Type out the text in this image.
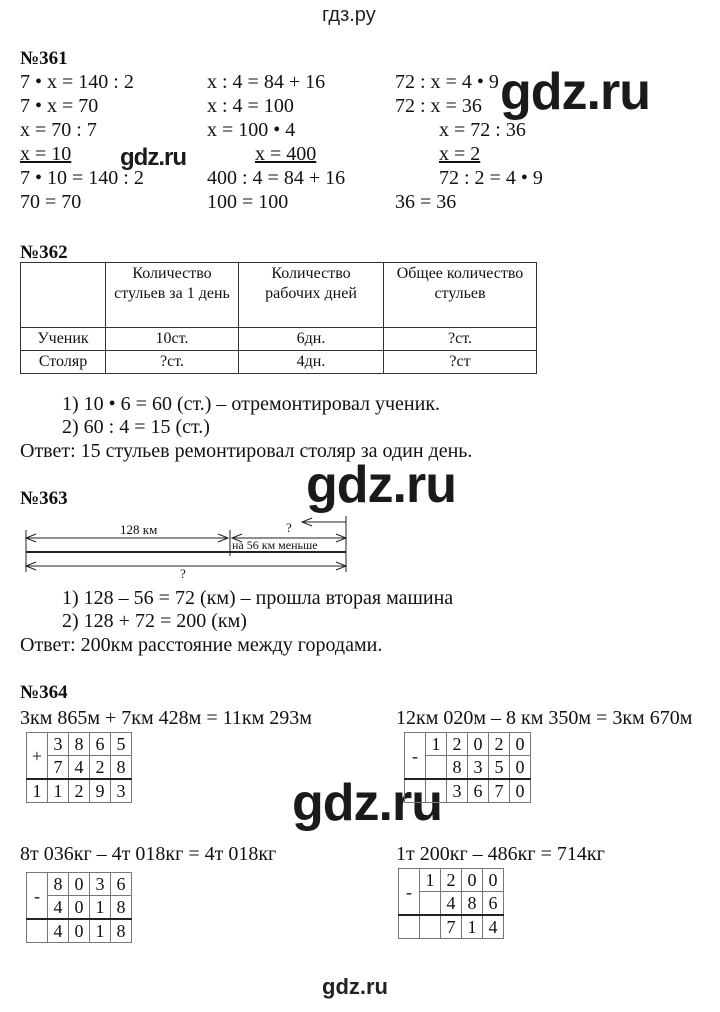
гдз.ру
gdz.ru
gdz.ru
gdz.ru
gdz.ru
№361
7 • x = 140 : 2
7 • x = 70
x = 70 : 7
x = 10
7 • 10 = 140 : 2
70 = 70
x : 4 = 84 + 16
x : 4 = 100
x = 100 • 4
x = 400
400 : 4 = 84 + 16
100 = 100
72 : x = 4 • 9
72 : x = 36
x = 72 : 36
x = 2
72 : 2 = 4 • 9
36 = 36
№362
	Количество стульев за 1 день	Количество рабочих дней	Общее количество стульев
Ученик	10ст.	6дн.	?ст.
Столяр	?ст.	4дн.	?ст
1) 10 • 6 = 60 (ст.) – отремонтировал ученик.
2) 60 : 4 = 15 (ст.)
Ответ: 15 стульев ремонтировал столяр за один день.
№363
128 км	?
на 56 км меньше
?
1) 128 – 56 = 72 (км) – прошла вторая машина
2) 128 + 72 = 200 (км)
Ответ: 200км расстояние между городами.
№364
3км 865м + 7км 428м = 11км 293м	12км 020м – 8 км 350м = 3км 670м
+	3	8	6	5
	7	4	2	8
1	1	2	9	3
-	1	2	0	2	0
		8	3	5	0
		3	6	7	0
8т 036кг – 4т 018кг = 4т 018кг	1т 200кг – 486кг = 714кг
-	8	0	3	6
	4	0	1	8
	4	0	1	8
-	1	2	0	0
		4	8	6
		7	1	4
gdz.ru
